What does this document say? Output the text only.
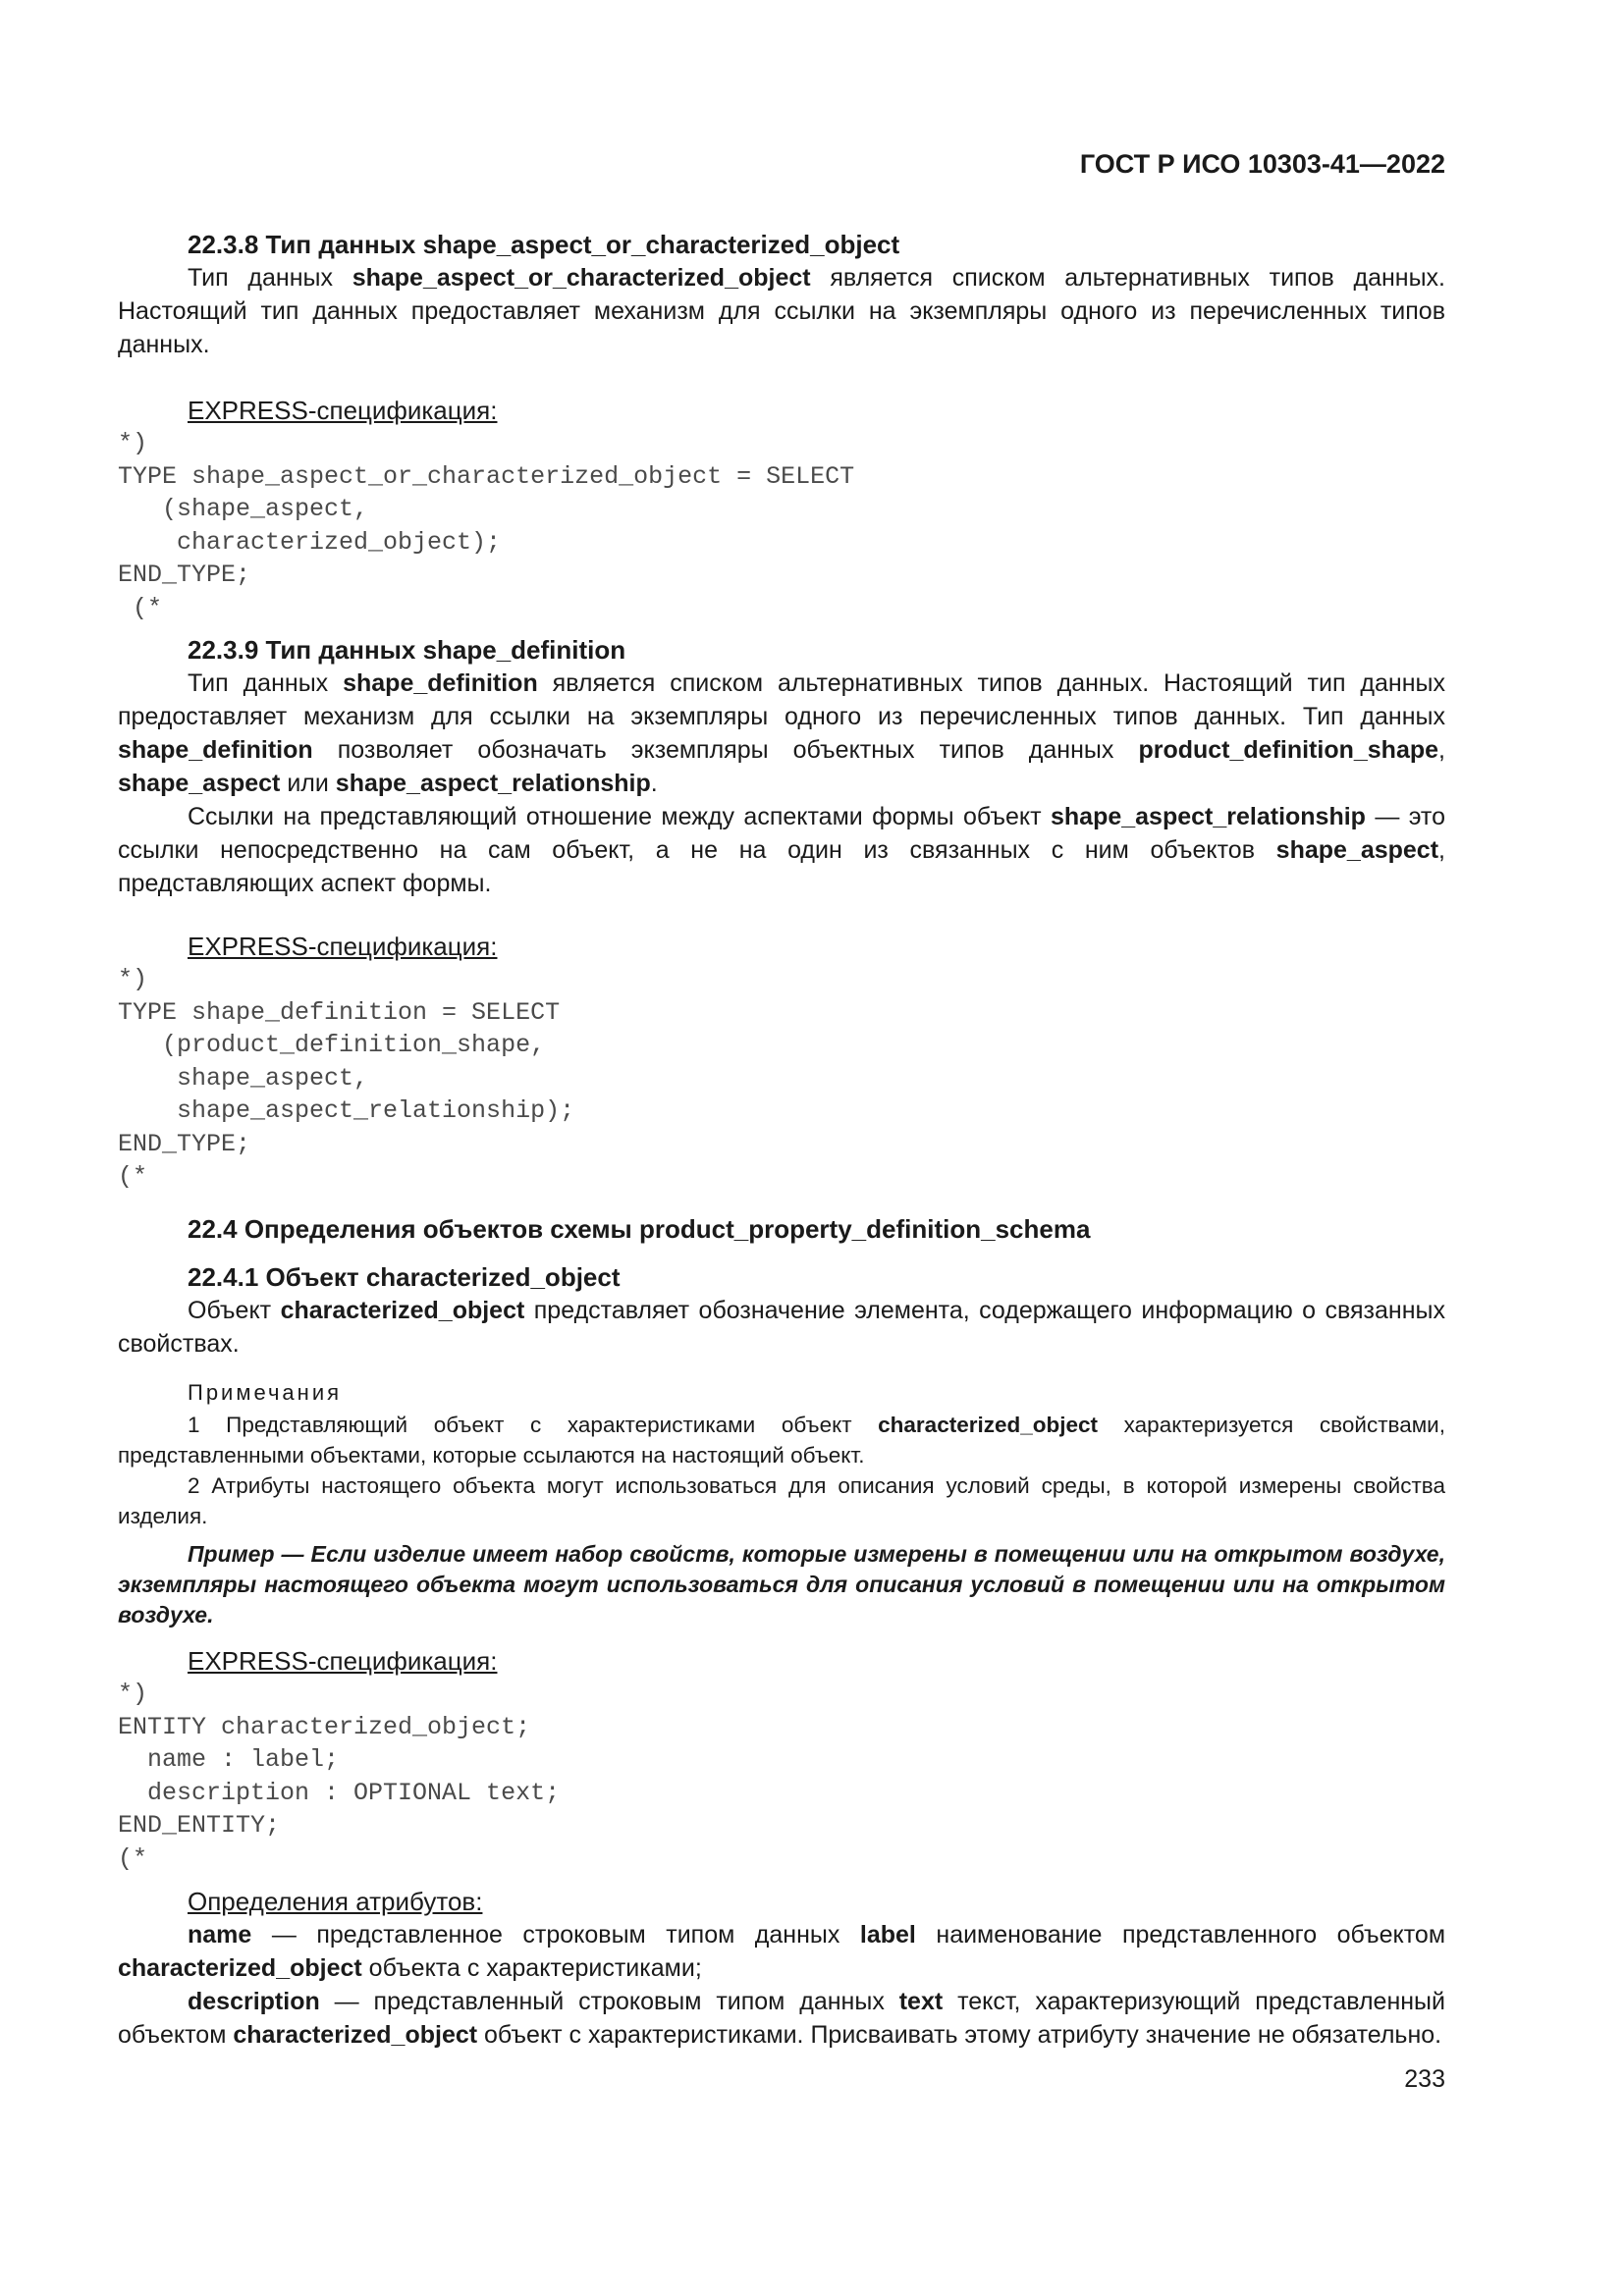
ГОСТ Р ИСО 10303-41—2022

22.3.8 Тип данных shape_aspect_or_characterized_object

Тип данных shape_aspect_or_characterized_object является списком альтернативных типов данных. Настоящий тип данных предоставляет механизм для ссылки на экземпляры одного из перечисленных типов данных.

EXPRESS-спецификация:

*)
TYPE shape_aspect_or_characterized_object = SELECT
(shape_aspect,
characterized_object);
END_TYPE;
(*

22.3.9 Тип данных shape_definition

Тип данных shape_definition является списком альтернативных типов данных. Настоящий тип данных предоставляет механизм для ссылки на экземпляры одного из перечисленных типов данных. Тип данных shape_definition позволяет обозначать экземпляры объектных типов данных product_definition_shape, shape_aspect или shape_aspect_relationship.

Ссылки на представляющий отношение между аспектами формы объект shape_aspect_relationship — это ссылки непосредственно на сам объект, а не на один из связанных с ним объектов shape_aspect, представляющих аспект формы.

EXPRESS-спецификация:

*)
TYPE shape_definition = SELECT
(product_definition_shape,
shape_aspect,
shape_aspect_relationship);
END_TYPE;
(*

22.4 Определения объектов схемы product_property_definition_schema

22.4.1 Объект characterized_object

Объект characterized_object представляет обозначение элемента, содержащего информацию о связанных свойствах.

Примечания

1 Представляющий объект с характеристиками объект characterized_object характеризуется свойствами, представленными объектами, которые ссылаются на настоящий объект.

2 Атрибуты настоящего объекта могут использоваться для описания условий среды, в которой измерены свойства изделия.

Пример — Если изделие имеет набор свойств, которые измерены в помещении или на открытом воздухе, экземпляры настоящего объекта могут использоваться для описания условий в помещении или на открытом воздухе.

EXPRESS-спецификация:

*)
ENTITY characterized_object;
name : label;
description : OPTIONAL text;
END_ENTITY;
(*

Определения атрибутов:

name — представленное строковым типом данных label наименование представленного объектом characterized_object объекта с характеристиками;

description — представленный строковым типом данных text текст, характеризующий представленный объектом characterized_object объект с характеристиками. Присваивать этому атрибуту значение не обязательно.

233
